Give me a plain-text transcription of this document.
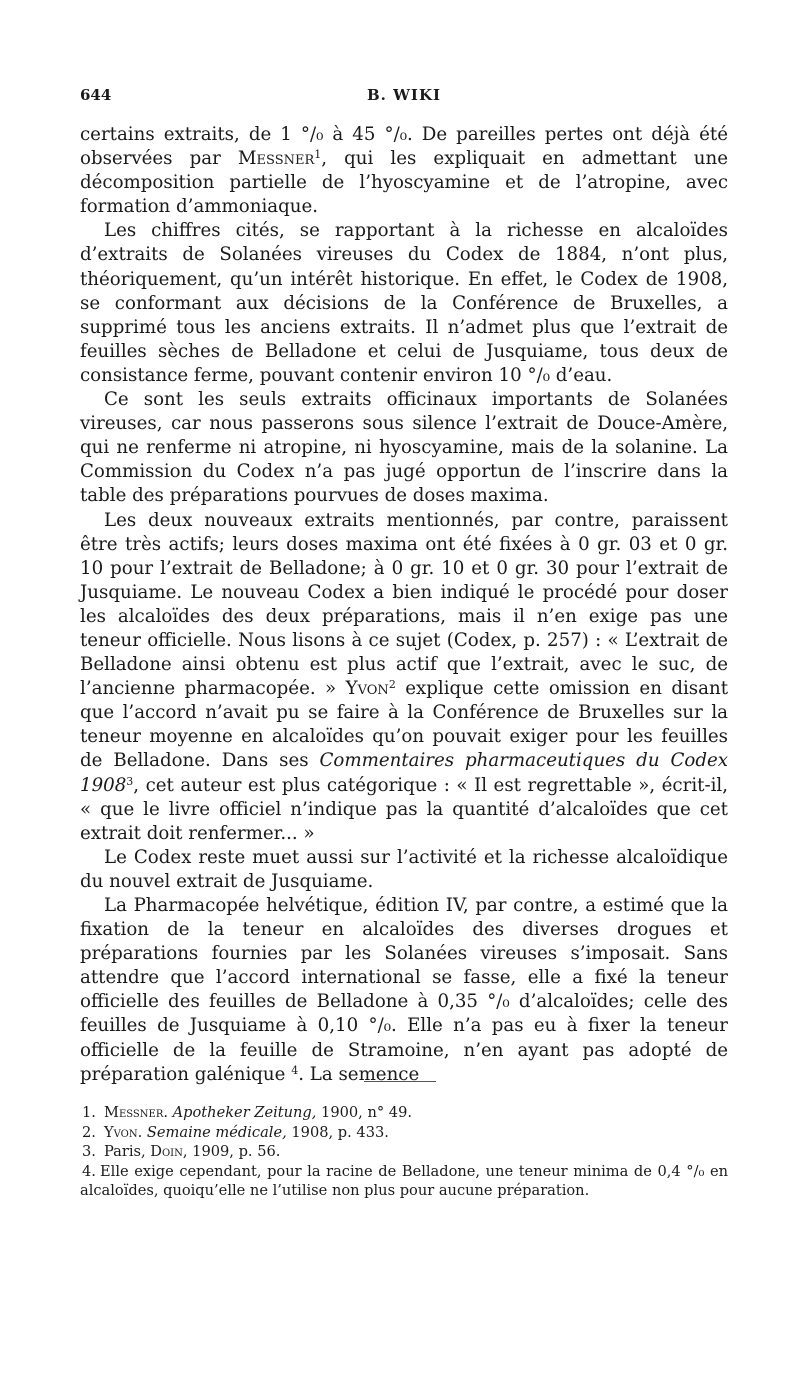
644	B. WIKI

certains extraits, de 1 °/₀ à 45 °/₀. De pareilles pertes ont déjà été observées par Messner$^1$, qui les expliquait en admettant une décomposition partielle de l’hyoscyamine et de l’atropine, avec formation d’ammoniaque.

Les chiffres cités, se rapportant à la richesse en alcaloïdes d’extraits de Solanées vireuses du Codex de 1884, n’ont plus, théoriquement, qu’un intérêt historique. En effet, le Codex de 1908, se conformant aux décisions de la Conférence de Bruxelles, a supprimé tous les anciens extraits. Il n’admet plus que l’extrait de feuilles sèches de Belladone et celui de Jusquiame, tous deux de consistance ferme, pouvant contenir environ 10 °/₀ d’eau.

Ce sont les seuls extraits officinaux importants de Solanées vireuses, car nous passerons sous silence l’extrait de Douce-Amère, qui ne renferme ni atropine, ni hyoscyamine, mais de la solanine. La Commission du Codex n’a pas jugé opportun de l’inscrire dans la table des préparations pourvues de doses maxima.

Les deux nouveaux extraits mentionnés, par contre, paraissent être très actifs; leurs doses maxima ont été fixées à 0 gr. 03 et 0 gr. 10 pour l’extrait de Belladone; à 0 gr. 10 et 0 gr. 30 pour l’extrait de Jusquiame. Le nouveau Codex a bien indiqué le procédé pour doser les alcaloïdes des deux préparations, mais il n’en exige pas une teneur officielle. Nous lisons à ce sujet (Codex, p. 257) : « L’extrait de Belladone ainsi obtenu est plus actif que l’extrait, avec le suc, de l’ancienne pharmacopée. » Yvon$^2$ explique cette omission en disant que l’accord n’avait pu se faire à la Conférence de Bruxelles sur la teneur moyenne en alcaloïdes qu’on pouvait exiger pour les feuilles de Belladone. Dans ses Commentaires pharmaceutiques du Codex 1908$^3$, cet auteur est plus catégorique : « Il est regrettable », écrit-il, « que le livre officiel n’indique pas la quantité d’alcaloïdes que cet extrait doit renfermer... »

Le Codex reste muet aussi sur l’activité et la richesse alcaloïdique du nouvel extrait de Jusquiame.

La Pharmacopée helvétique, édition IV, par contre, a estimé que la fixation de la teneur en alcaloïdes des diverses drogues et préparations fournies par les Solanées vireuses s’imposait. Sans attendre que l’accord international se fasse, elle a fixé la teneur officielle des feuilles de Belladone à 0,35 °/₀ d’alcaloïdes; celle des feuilles de Jusquiame à 0,10 °/₀. Elle n’a pas eu à fixer la teneur officielle de la feuille de Stramoine, n’en ayant pas adopté de préparation galénique $^4$. La semence

1. Messner. Apotheker Zeitung, 1900, n° 49.

2. Yvon. Semaine médicale, 1908, p. 433.

3. Paris, Doin, 1909, p. 56.

4. Elle exige cependant, pour la racine de Belladone, une teneur minima de 0,4 °/₀ en alcaloïdes, quoiqu’elle ne l’utilise non plus pour aucune préparation.
